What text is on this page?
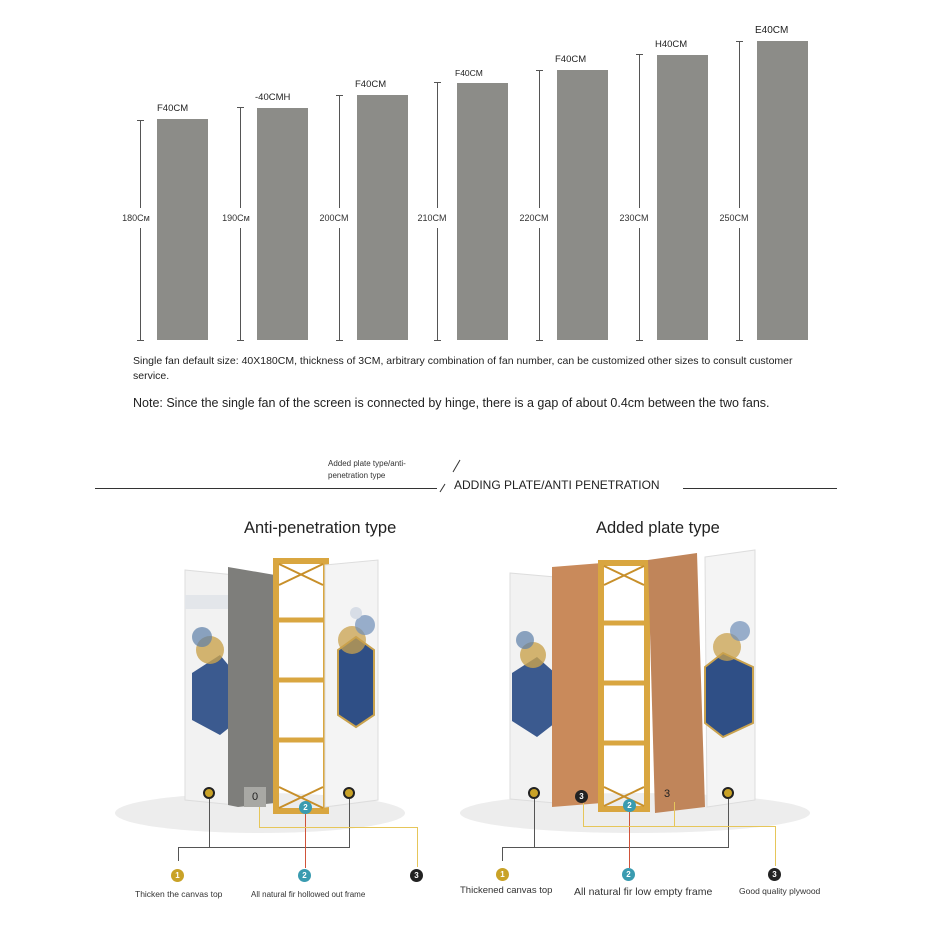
180Cм
F40CM
190Cм
-40CMH
200CM
F40CM
210CM
F40CM
220CM
F40CM
230CM
H40CM
250CM
E40CM
Single fan default size: 40X180CM, thickness of 3CM, arbitrary combination of fan number, can be customized other sizes to consult customer service.
Note: Since the single fan of the screen is connected by hinge, there is a gap of about 0.4cm between the two fans.
Added plate type/anti-penetration type
ADDING PLATE/ANTI PENETRATION
Anti-penetration type
0
2
1	2	3
Thicken the canvas top	All natural fir hollowed out frame
Added plate type
3
2
3
1	2	3
Thickened canvas top All natural fir low empty frame	Good quality plywood
